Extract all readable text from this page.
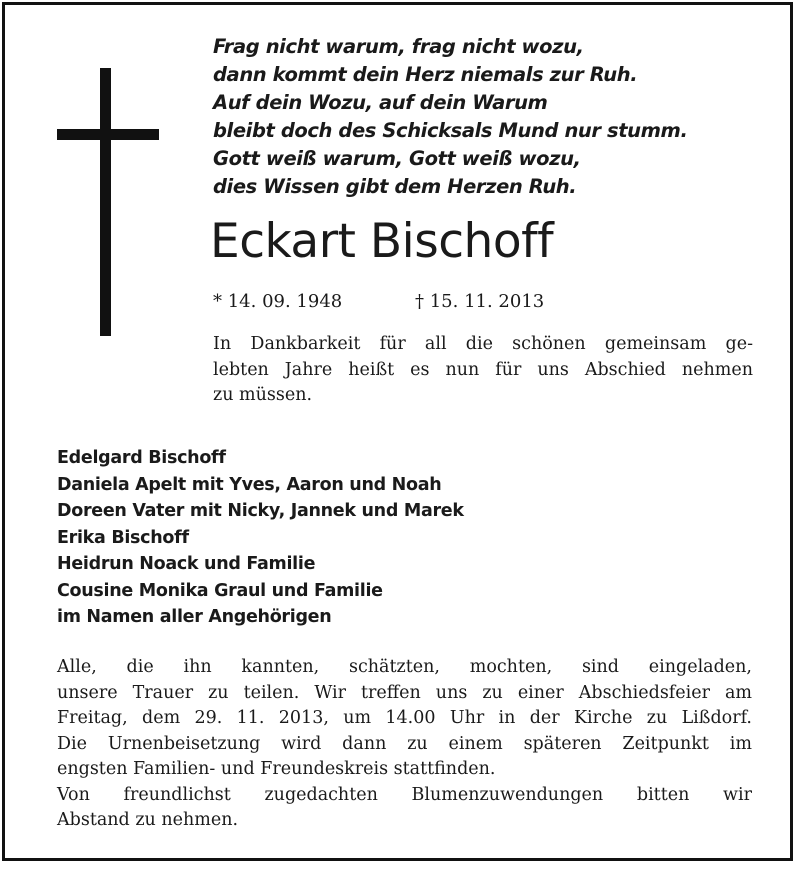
Frag nicht warum, frag nicht wozu,
dann kommt dein Herz niemals zur Ruh.
Auf dein Wozu, auf dein Warum
bleibt doch des Schicksals Mund nur stumm.
Gott weiß warum, Gott weiß wozu,
dies Wissen gibt dem Herzen Ruh.
Eckart Bischoff
* 14. 09. 1948	† 15. 11. 2013
In Dankbarkeit für all die schönen gemeinsam ge-
lebten Jahre heißt es nun für uns Abschied nehmen
zu müssen.
Edelgard Bischoff
Daniela Apelt mit Yves, Aaron und Noah
Doreen Vater mit Nicky, Jannek und Marek
Erika Bischoff
Heidrun Noack und Familie
Cousine Monika Graul und Familie
im Namen aller Angehörigen
Alle, die ihn kannten, schätzten, mochten, sind eingeladen,
unsere Trauer zu teilen. Wir treffen uns zu einer Abschiedsfeier am
Freitag, dem 29. 11. 2013, um 14.00 Uhr in der Kirche zu Lißdorf.
Die Urnenbeisetzung wird dann zu einem späteren Zeitpunkt im
engsten Familien- und Freundeskreis stattfinden.
Von freundlichst zugedachten Blumenzuwendungen bitten wir
Abstand zu nehmen.
